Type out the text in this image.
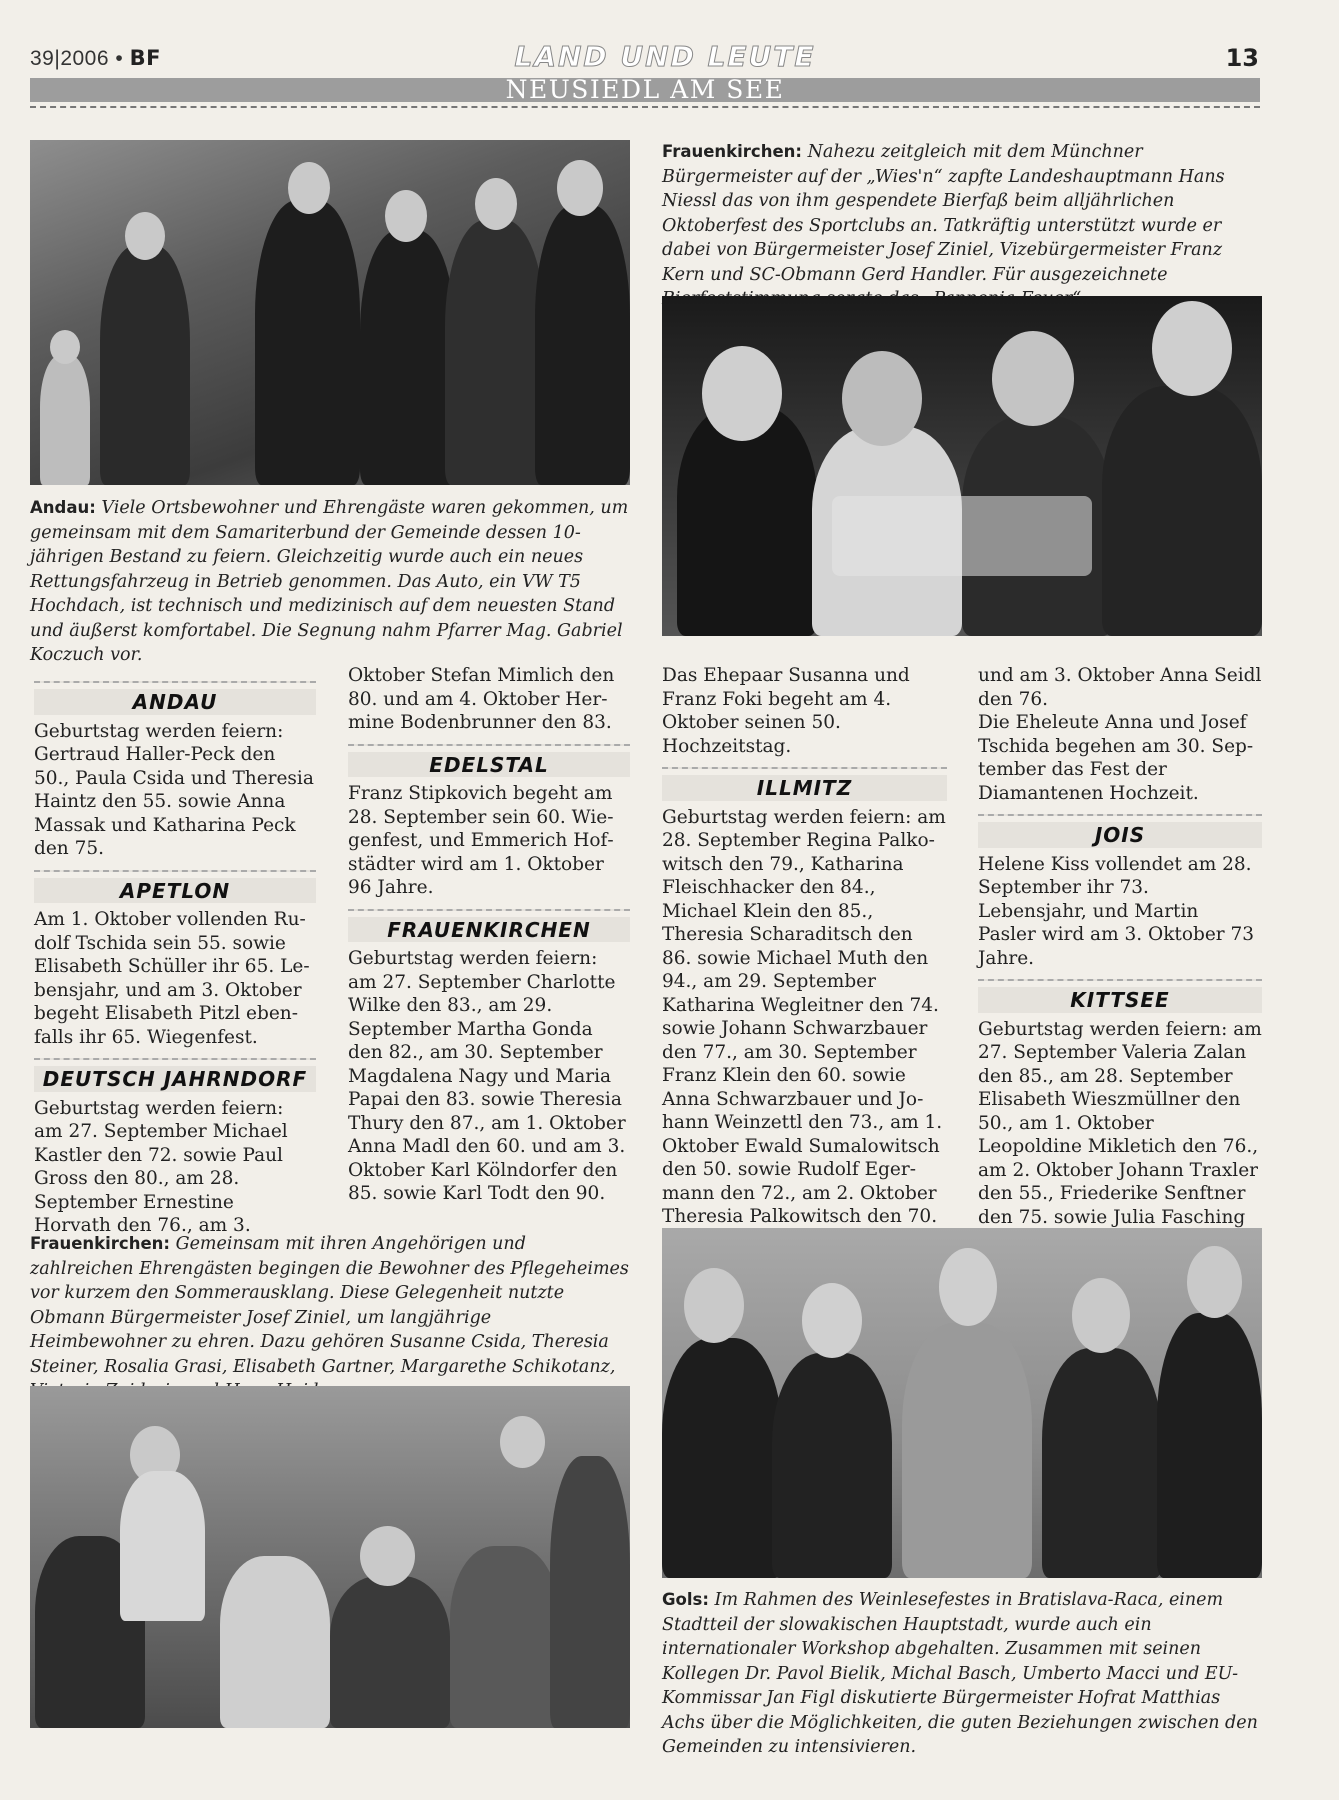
39|2006 • BF	LAND UND LEUTE	13
NEUSIEDL AM SEE
Andau: Viele Ortsbewohner und Ehrengäste waren gekommen, um gemeinsam mit dem Samariterbund der Gemeinde dessen 10-jährigen Bestand zu feiern. Gleichzeitig wurde auch ein neues Rettungsfahrzeug in Betrieb genommen. Das Auto, ein VW T5 Hochdach, ist technisch und medizinisch auf dem neuesten Stand und äußerst komfortabel. Die Segnung nahm Pfarrer Mag. Gabriel Koczuch vor.
Frauenkirchen: Nahezu zeitgleich mit dem Münchner Bürgermeister auf der „Wies'n“ zapfte Landeshauptmann Hans Niessl das von ihm gespendete Bierfaß beim alljährlichen Oktoberfest des Sportclubs an. Tatkräftig unterstützt wurde er dabei von Bürgermeister Josef Ziniel, Vizebürgermeister Franz Kern und SC-Obmann Gerd Handler. Für ausgezeichnete
ANDAU

Geburtstag werden feiern: Gertraud Haller-Peck den 50., Paula Csida und Theresia Haintz den 55. sowie Anna Massak und Katharina Peck den 75.

APETLON

Am 1. Oktober vollenden Rudolf Tschida sein 55. sowie Elisabeth Schüller ihr 65. Lebensjahr, und am 3. Oktober begeht Elisabeth Pitzl ebenfalls ihr 65. Wiegenfest.

DEUTSCH JAHRNDORF

Geburtstag werden feiern: am 27. September Michael Kastler den 72. sowie Paul Gross den 80., am 28. September Ernestine Horvath den 76., am 3.

Oktober Stefan Mimlich den 80. und am 4. Oktober Hermine Bodenbrunner den 83.

EDELSTAL

Franz Stipkovich begeht am 28. September sein 60. Wiegenfest, und Emmerich Hofstädter wird am 1. Oktober 96 Jahre.

FRAUENKIRCHEN

Geburtstag werden feiern: am 27. September Charlotte Wilke den 83., am 29. September Martha Gonda den 82., am 30. September Magdalena Nagy und Maria Papai den 83. sowie Theresia Thury den 87., am 1. Oktober Anna Madl den 60. und am 3. Oktober Karl Kölndorfer den 85. sowie Karl Todt den 90.

Das Ehepaar Susanna und Franz Foki begeht am 4. Oktober seinen 50. Hochzeitstag.

ILLMITZ

Geburtstag werden feiern: am 28. September Regina Palkowitsch den 79., Katharina Fleischhacker den 84., Michael Klein den 85., Theresia Scharaditsch den 86. sowie Michael Muth den 94., am 29. September Katharina Wegleitner den 74. sowie Johann Schwarzbauer den 77., am 30. September Franz Klein den 60. sowie Anna Schwarzbauer und Johann Weinzettl den 73., am 1. Oktober Ewald Sumalowitsch den 50. sowie Rudolf Egermann den 72., am 2. Oktober Theresia Palkowitsch den 70.

und am 3. Oktober Anna Seidl den 76.

Die Eheleute Anna und Josef Tschida begehen am 30. September das Fest der Diamantenen Hochzeit.

JOIS

Helene Kiss vollendet am 28. September ihr 73. Lebensjahr, und Martin Pasler wird am 3. Oktober 73 Jahre.

KITTSEE

Geburtstag werden feiern: am 27. September Valeria Zalan den 85., am 28. September Elisabeth Wieszmüllner den 50., am 1. Oktober Leopoldine Mikletich den 76., am 2. Oktober Johann Traxler den 55., Friederike Senftner den 75. sowie Julia Fasching

Frauenkirchen: Gemeinsam mit ihren Angehörigen und zahlreichen Ehrengästen begingen die Bewohner des Pflegeheimes vor kurzem den Sommerausklang. Diese Gelegenheit nutzte Obmann Bürgermeister Josef Ziniel, um langjährige Heimbewohner zu ehren. Dazu gehören Susanne Csida, Theresia Steiner, Rosalia Grasi, Elisabeth Gartner, Margarethe Schikotanz,
Gols: Im Rahmen des Weinlesefestes in Bratislava-Raca, einem Stadtteil der slowakischen Hauptstadt, wurde auch ein internationaler Workshop abgehalten. Zusammen mit seinen Kollegen Dr. Pavol Bielik, Michal Basch, Umberto Macci und EU-Kommissar Jan Figl diskutierte Bürgermeister Hofrat Matthias Achs über die Möglichkeiten, die guten Beziehungen zwischen den Gemeinden zu intensivieren.
